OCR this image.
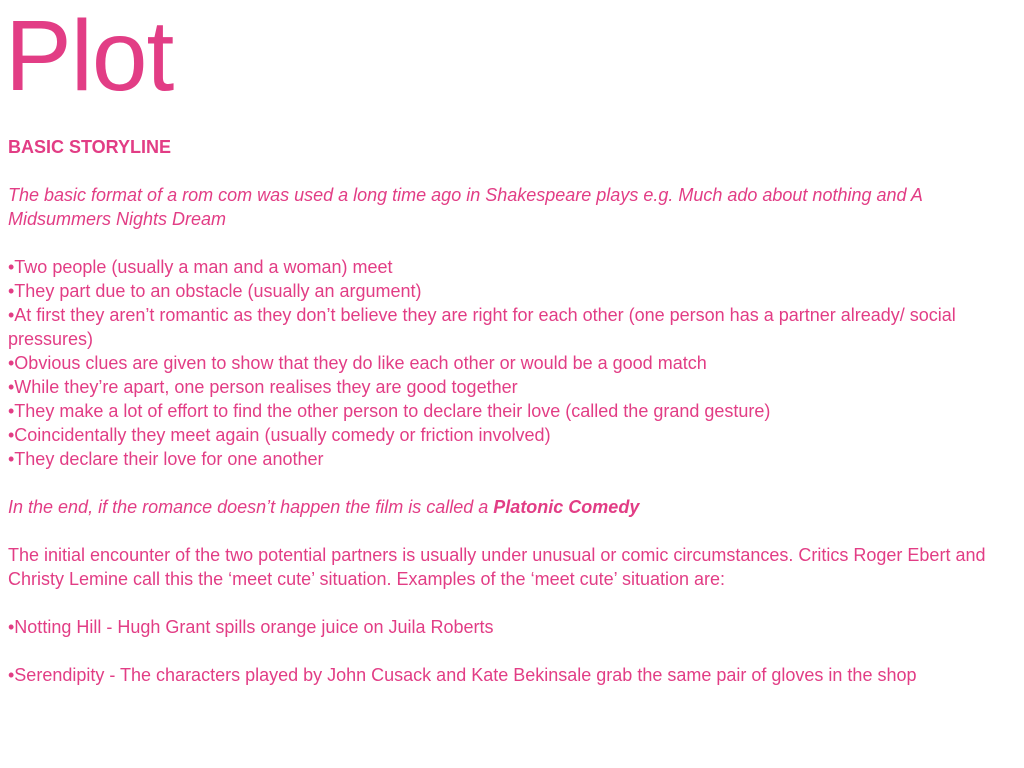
Plot

BASIC STORYLINE

The basic format of a rom com was used a long time ago in Shakespeare plays e.g. Much ado about nothing and A Midsummers Nights Dream

•Two people (usually a man and a woman) meet
•They part due to an obstacle (usually an argument)
•At first they aren’t romantic as they don’t believe they are right for each other (one person has a partner already/ social pressures)
•Obvious clues are given to show that they do like each other or would be a good match
•While they’re apart, one person realises they are good together
•They make a lot of effort to find the other person to declare their love (called the grand gesture)
•Coincidentally they meet again (usually comedy or friction involved)
•They declare their love for one another

In the end, if the romance doesn’t happen the film is called a Platonic Comedy

The initial encounter of the two potential partners is usually under unusual or comic circumstances. Critics Roger Ebert and Christy Lemine call this the ‘meet cute’ situation. Examples of the ‘meet cute’ situation are:

•Notting Hill - Hugh Grant spills orange juice on Juila Roberts

•Serendipity - The characters played by John Cusack and Kate Bekinsale grab the same pair of gloves in the shop
